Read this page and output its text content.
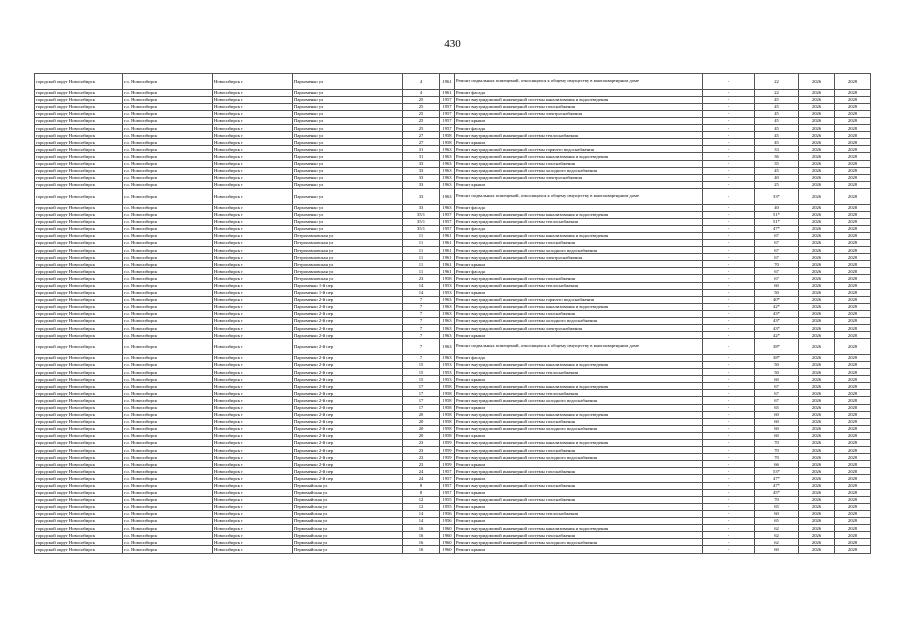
430
городской округ Новосибирск	г.о. Новосибирск	Новосибирск г	Пархоменко ул	4	1961	Ремонт подвальных помещений, относящихся к общему имуществу в многоквартирном доме	-	22	2026	2028
городской округ Новосибирск	г.о. Новосибирск	Новосибирск г	Пархоменко ул	4	1961	Ремонт фасада	-	22	2026	2028
городской округ Новосибирск	г.о. Новосибирск	Новосибирск г	Пархоменко ул	25	1957	Ремонт внутридомовой инженерной системы канализования и водоотведения	-	45	2026	2028
городской округ Новосибирск	г.о. Новосибирск	Новосибирск г	Пархоменко ул	25	1957	Ремонт внутридомовой инженерной системы газоснабжения	-	45	2026	2028
городской округ Новосибирск	г.о. Новосибирск	Новосибирск г	Пархоменко ул	25	1957	Ремонт внутридомовой инженерной системы электроснабжения	-	45	2026	2028
городской округ Новосибирск	г.о. Новосибирск	Новосибирск г	Пархоменко ул	25	1957	Ремонт крыши	-	45	2026	2028
городской округ Новосибирск	г.о. Новосибирск	Новосибирск г	Пархоменко ул	25	1957	Ремонт фасада	-	45	2026	2028
городской округ Новосибирск	г.о. Новосибирск	Новосибирск г	Пархоменко ул	27	1958	Ремонт внутридомовой инженерной системы теплоснабжения	-	45	2026	2028
городской округ Новосибирск	г.о. Новосибирск	Новосибирск г	Пархоменко ул	27	1958	Ремонт крыши	-	45	2026	2028
городской округ Новосибирск	г.о. Новосибирск	Новосибирск г	Пархоменко ул	31	1963	Ремонт внутридомовой инженерной системы горячего водоснабжения	-	33	2026	2028
городской округ Новосибирск	г.о. Новосибирск	Новосибирск г	Пархоменко ул	31	1963	Ремонт внутридомовой инженерной системы канализования и водоотведения	-	36	2026	2028
городской округ Новосибирск	г.о. Новосибирск	Новосибирск г	Пархоменко ул	33	1963	Ремонт внутридомовой инженерной системы газоснабжения	-	35	2026	2028
городской округ Новосибирск	г.о. Новосибирск	Новосибирск г	Пархоменко ул	33	1963	Ремонт внутридомовой инженерной системы холодного водоснабжения	-	45	2026	2028
городской округ Новосибирск	г.о. Новосибирск	Новосибирск г	Пархоменко ул	33	1963	Ремонт внутридомовой инженерной системы электроснабжения	-	40	2026	2028
городской округ Новосибирск	г.о. Новосибирск	Новосибирск г	Пархоменко ул	33	1963	Ремонт крыши	-	25	2026	2028
городской округ Новосибирск	г.о. Новосибирск	Новосибирск г	Пархоменко ул	33	1963	Ремонт подвальных помещений, относящихся к общему имуществу в многоквартирном доме	-	33*	2026	2028
городской округ Новосибирск	г.о. Новосибирск	Новосибирск г	Пархоменко ул	33	1963	Ремонт фасада	-	40	2026	2028
городской округ Новосибирск	г.о. Новосибирск	Новосибирск г	Пархоменко ул	35/1	1957	Ремонт внутридомовой инженерной системы канализования и водоотведения	-	51*	2026	2028
городской округ Новосибирск	г.о. Новосибирск	Новосибирск г	Пархоменко ул	35/1	1957	Ремонт внутридомовой инженерной системы теплоснабжения	-	51*	2026	2028
городской округ Новосибирск	г.о. Новосибирск	Новосибирск г	Пархоменко ул	35/1	1957	Ремонт фасада	-	47*	2026	2028
городской округ Новосибирск	г.о. Новосибирск	Новосибирск г	Петропавловская ул	11	1961	Ремонт внутридомовой инженерной системы канализования и водоотведения	-	67	2026	2028
городской округ Новосибирск	г.о. Новосибирск	Новосибирск г	Петропавловская ул	11	1961	Ремонт внутридомовой инженерной системы газоснабжения	-	67	2026	2028
городской округ Новосибирск	г.о. Новосибирск	Новосибирск г	Петропавловская ул	11	1961	Ремонт внутридомовой инженерной системы холодного водоснабжения	-	67	2026	2028
городской округ Новосибирск	г.о. Новосибирск	Новосибирск г	Петропавловская ул	11	1961	Ремонт внутридомовой инженерной системы электроснабжения	-	67	2026	2028
городской округ Новосибирск	г.о. Новосибирск	Новосибирск г	Петропавловская ул	11	1961	Ремонт крыши	-	70	2026	2028
городской округ Новосибирск	г.о. Новосибирск	Новосибирск г	Петропавловская ул	11	1961	Ремонт фасада	-	67	2026	2028
городской округ Новосибирск	г.о. Новосибирск	Новосибирск г	Петропавловская ул	23	1958	Ремонт внутридомовой инженерной системы газоснабжения	-	67	2026	2028
городской округ Новосибирск	г.о. Новосибирск	Новосибирск г	Пархоменко 1-й пер	14	1953	Ремонт внутридомовой инженерной системы теплоснабжения	-	60	2026	2028
городской округ Новосибирск	г.о. Новосибирск	Новосибирск г	Пархоменко 1-й пер	14	1953	Ремонт крыши	-	50	2026	2028
городской округ Новосибирск	г.о. Новосибирск	Новосибирск г	Пархоменко 2-й пер	7	1963	Ремонт внутридомовой инженерной системы горячего водоснабжения	-	40*	2026	2028
городской округ Новосибирск	г.о. Новосибирск	Новосибирск г	Пархоменко 2-й пер	7	1963	Ремонт внутридомовой инженерной системы канализования и водоотведения	-	42*	2026	2028
городской округ Новосибирск	г.о. Новосибирск	Новосибирск г	Пархоменко 2-й пер	7	1963	Ремонт внутридомовой инженерной системы газоснабжения	-	43*	2026	2028
городской округ Новосибирск	г.о. Новосибирск	Новосибирск г	Пархоменко 2-й пер	7	1963	Ремонт внутридомовой инженерной системы холодного водоснабжения	-	43*	2026	2028
городской округ Новосибирск	г.о. Новосибирск	Новосибирск г	Пархоменко 2-й пер	7	1963	Ремонт внутридомовой инженерной системы электроснабжения	-	43*	2026	2028
городской округ Новосибирск	г.о. Новосибирск	Новосибирск г	Пархоменко 2-й пер	7	1963	Ремонт крыши	-	42*	2026	2028
городской округ Новосибирск	г.о. Новосибирск	Новосибирск г	Пархоменко 2-й пер	7	1963	Ремонт подвальных помещений, относящихся к общему имуществу в многоквартирном доме	-	38*	2026	2028
городской округ Новосибирск	г.о. Новосибирск	Новосибирск г	Пархоменко 2-й пер	7	1963	Ремонт фасада	-	38*	2026	2028
городской округ Новосибирск	г.о. Новосибирск	Новосибирск г	Пархоменко 2-й пер	15	1953	Ремонт внутридомовой инженерной системы канализования и водоотведения	-	50	2026	2028
городской округ Новосибирск	г.о. Новосибирск	Новосибирск г	Пархоменко 2-й пер	15	1953	Ремонт внутридомовой инженерной системы теплоснабжения	-	50	2026	2028
городской округ Новосибирск	г.о. Новосибирск	Новосибирск г	Пархоменко 2-й пер	15	1953	Ремонт крыши	-	60	2026	2028
городской округ Новосибирск	г.о. Новосибирск	Новосибирск г	Пархоменко 2-й пер	17	1958	Ремонт внутридомовой инженерной системы канализования и водоотведения	-	67	2026	2028
городской округ Новосибирск	г.о. Новосибирск	Новосибирск г	Пархоменко 2-й пер	17	1958	Ремонт внутридомовой инженерной системы теплоснабжения	-	67	2026	2028
городской округ Новосибирск	г.о. Новосибирск	Новосибирск г	Пархоменко 2-й пер	17	1958	Ремонт внутридомовой инженерной системы холодного водоснабжения	-	67	2026	2028
городской округ Новосибирск	г.о. Новосибирск	Новосибирск г	Пархоменко 2-й пер	17	1958	Ремонт крыши	-	65	2026	2028
городской округ Новосибирск	г.о. Новосибирск	Новосибирск г	Пархоменко 2-й пер	20	1958	Ремонт внутридомовой инженерной системы канализования и водоотведения	-	60	2026	2028
городской округ Новосибирск	г.о. Новосибирск	Новосибирск г	Пархоменко 2-й пер	20	1958	Ремонт внутридомовой инженерной системы газоснабжения	-	60	2026	2028
городской округ Новосибирск	г.о. Новосибирск	Новосибирск г	Пархоменко 2-й пер	20	1958	Ремонт внутридомовой инженерной системы холодного водоснабжения	-	60	2026	2028
городской округ Новосибирск	г.о. Новосибирск	Новосибирск г	Пархоменко 2-й пер	20	1958	Ремонт крыши	-	60	2026	2028
городской округ Новосибирск	г.о. Новосибирск	Новосибирск г	Пархоменко 2-й пер	23	1959	Ремонт внутридомовой инженерной системы канализования и водоотведения	-	70	2026	2028
городской округ Новосибирск	г.о. Новосибирск	Новосибирск г	Пархоменко 2-й пер	23	1959	Ремонт внутридомовой инженерной системы газоснабжения	-	70	2026	2028
городской округ Новосибирск	г.о. Новосибирск	Новосибирск г	Пархоменко 2-й пер	23	1959	Ремонт внутридомовой инженерной системы холодного водоснабжения	-	70	2026	2028
городской округ Новосибирск	г.о. Новосибирск	Новосибирск г	Пархоменко 2-й пер	23	1959	Ремонт крыши	-	66	2026	2028
городской округ Новосибирск	г.о. Новосибирск	Новосибирск г	Пархоменко 2-й пер	24	1957	Ремонт внутридомовой инженерной системы газоснабжения	-	53*	2026	2028
городской округ Новосибирск	г.о. Новосибирск	Новосибирск г	Пархоменко 2-й пер	24	1957	Ремонт крыши	-	47*	2026	2028
городской округ Новосибирск	г.о. Новосибирск	Новосибирск г	Первомайская ул	8	1957	Ремонт внутридомовой инженерной системы газоснабжения	-	47*	2026	2028
городской округ Новосибирск	г.о. Новосибирск	Новосибирск г	Первомайская ул	8	1957	Ремонт крыши	-	45*	2026	2028
городской округ Новосибирск	г.о. Новосибирск	Новосибирск г	Первомайская ул	12	1955	Ремонт внутридомовой инженерной системы газоснабжения	-	70	2026	2028
городской округ Новосибирск	г.о. Новосибирск	Новосибирск г	Первомайская ул	12	1955	Ремонт крыши	-	65	2026	2028
городской округ Новосибирск	г.о. Новосибирск	Новосибирск г	Первомайская ул	14	1956	Ремонт внутридомовой инженерной системы теплоснабжения	-	60	2026	2028
городской округ Новосибирск	г.о. Новосибирск	Новосибирск г	Первомайская ул	14	1956	Ремонт крыши	-	65	2026	2028
городской округ Новосибирск	г.о. Новосибирск	Новосибирск г	Первомайская ул	16	1960	Ремонт внутридомовой инженерной системы канализования и водоотведения	-	62	2026	2028
городской округ Новосибирск	г.о. Новосибирск	Новосибирск г	Первомайская ул	16	1960	Ремонт внутридомовой инженерной системы газоснабжения	-	62	2026	2028
городской округ Новосибирск	г.о. Новосибирск	Новосибирск г	Первомайская ул	16	1960	Ремонт внутридомовой инженерной системы холодного водоснабжения	-	62	2026	2028
городской округ Новосибирск	г.о. Новосибирск	Новосибирск г	Первомайская ул	16	1960	Ремонт крыши	-	60	2026	2028
